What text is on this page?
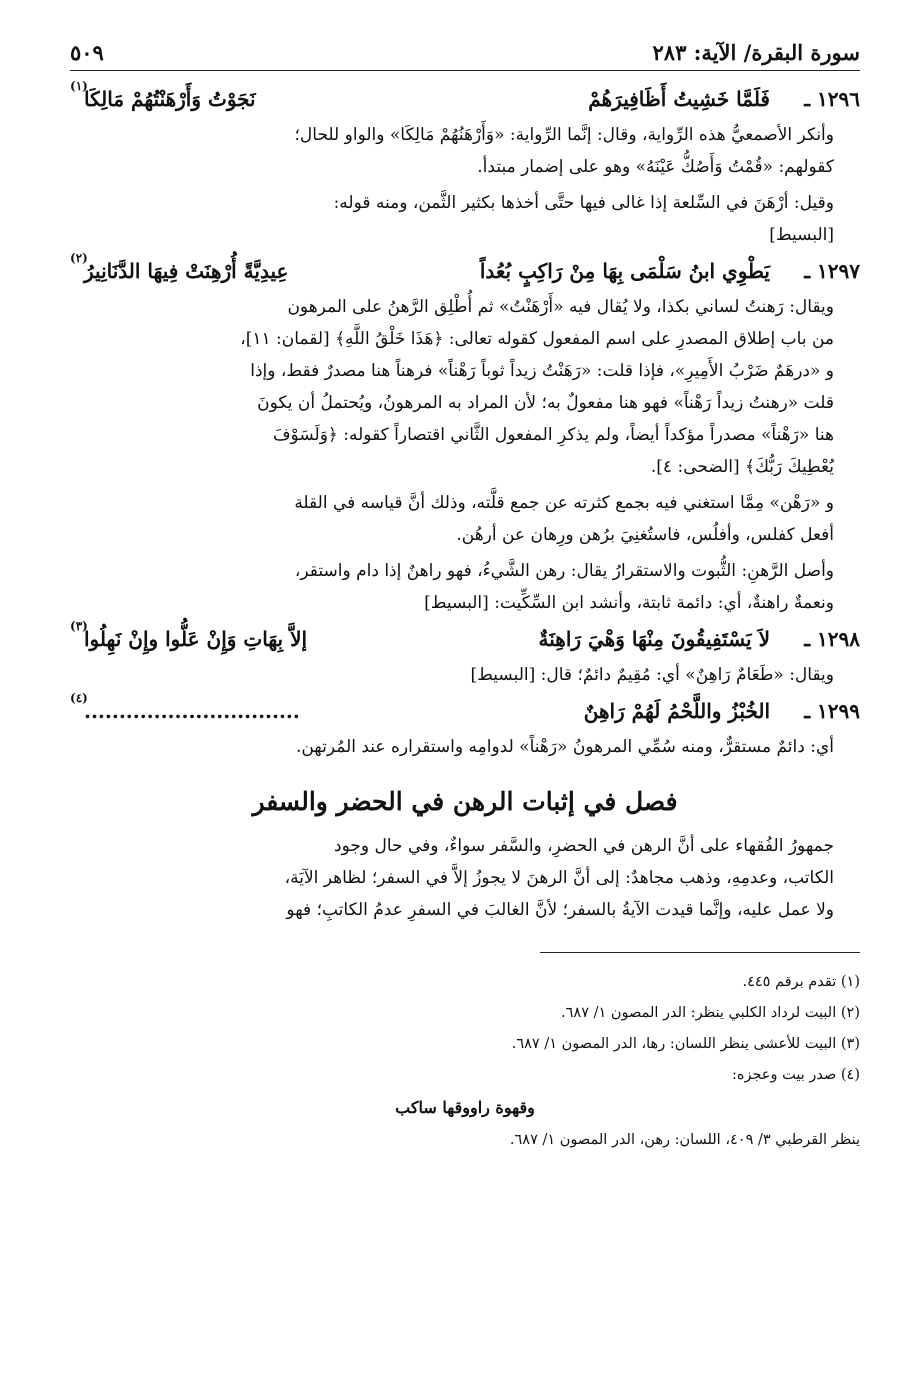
سورة البقرة/ الآية: ٢٨٣
٥٠٩
١٢٩٦ ـ
فَلَمَّا خَشِيتُ أَظَافِيرَهُمْ
نَجَوْتُ وَأَرْهَنْتُهُمْ مَالِكَا
(١)
وأنكر الأصمعيُّ هذه الرِّواية، وقال: إنَّما الرِّواية: «وَأَرْهَنُهُمْ مَالِكَا» والواو للحال؛
كقولهم: «قُمْتُ وَأَصُكُّ عَيْنَهُ» وهو على إضمار مبتدأ.
وقيل: أرْهَنَ في السِّلعة إذا غالى فيها حتَّى أخذها بكثير الثَّمن، ومنه قوله:
[البسيط]
١٢٩٧ ـ
يَطْوِي ابنُ سَلْمَى بِهَا مِنْ رَاكِبٍ بُعُداً
عِيدِيَّةً أُرْهِنَتْ فِيهَا الدَّنَانِيرُ
(٢)
ويقال: رَهنتُ لساني بكذا، ولا يُقال فيه «أَرْهَنْتُ» ثم أُطْلِق الرَّهنُ على المرهون
من باب إطلاق المصدرِ على اسم المفعول كقوله تعالى: ﴿هَذَا خَلْقُ اللَّهِ﴾ [لقمان: ١١]،
و «درهَمٌ ضَرْبُ الأَمِيرِ»، فإذا قلت: «رَهَنْتُ زيداً ثوباً رَهْناً» فرهناً هنا مصدرٌ فقط، وإذا
قلت «رهنتُ زيداً رَهْناً» فهو هنا مفعولٌ به؛ لأن المراد به المرهونُ، ويُحتملُ أن يكونَ
هنا «رَهْناً» مصدراً مؤكداً أيضاً، ولم يذكرِ المفعول الثَّاني اقتصاراً كقوله: ﴿وَلَسَوْفَ
يُعْطِيكَ رَبُّكَ﴾ [الضحى: ٤].
و «رَهْن» مِمَّا استغني فيه بجمع كثرته عن جمع قلَّته، وذلك أنَّ قياسه في القلة
أفعل كفلس، وأفلُس، فاستُغنِيَ برُهن ورِهان عن أرهُن.
وأصل الرَّهنِ: الثُّبوت والاستقرارُ يقال: رهن الشَّيءُ، فهو راهنٌ إذا دام واستقر،
ونعمةٌ راهنةٌ، أي: دائمة ثابتة، وأنشد ابن السِّكِّيت: [البسيط]
١٢٩٨ ـ
لاَ يَسْتَفِيقُونَ مِنْهَا وَهْيَ رَاهِنَةٌ
إلاَّ بِهَاتِ وَإِنْ عَلُّوا وإِنْ نَهِلُوا
(٣)
ويقال: «طَعَامٌ رَاهِنٌ» أي: مُقِيمٌ دائمٌ؛ قال: [البسيط]
١٢٩٩ ـ
الخُبْزُ واللَّحْمُ لَهُمْ رَاهِنٌ
...............................
(٤)
أي: دائمٌ مستقرٌّ، ومنه سُمِّي المرهونُ «رَهْناً» لدوامِه واستقراره عند المُرتهن.
فصل في إثبات الرهن في الحضر والسفر
جمهورُ الفُقهاء على أنَّ الرهن في الحضرِ، والسَّفر سواءٌ، وفي حال وجود
الكاتب، وعدمِهِ، وذهب مجاهدٌ: إلى أنَّ الرهنَ لا يجوزُ إلاَّ في السفر؛ لظاهر الآيَة،
ولا عمل عليه، وإنَّما قيدت الآيةُ بالسفر؛ لأنَّ الغالبَ في السفرِ عدمُ الكاتبِ؛ فهو
(١) تقدم برقم ٤٤٥.
(٢) البيت لرداد الكلبي ينظر: الدر المصون ١/ ٦٨٧.
(٣) البيت للأعشى ينظر اللسان: رها، الدر المصون ١/ ٦٨٧.
(٤) صدر بيت وعجزه:
وقهوة راووقها ساكب
ينظر القرطبي ٣/ ٤٠٩، اللسان: رهن، الدر المصون ١/ ٦٨٧.
